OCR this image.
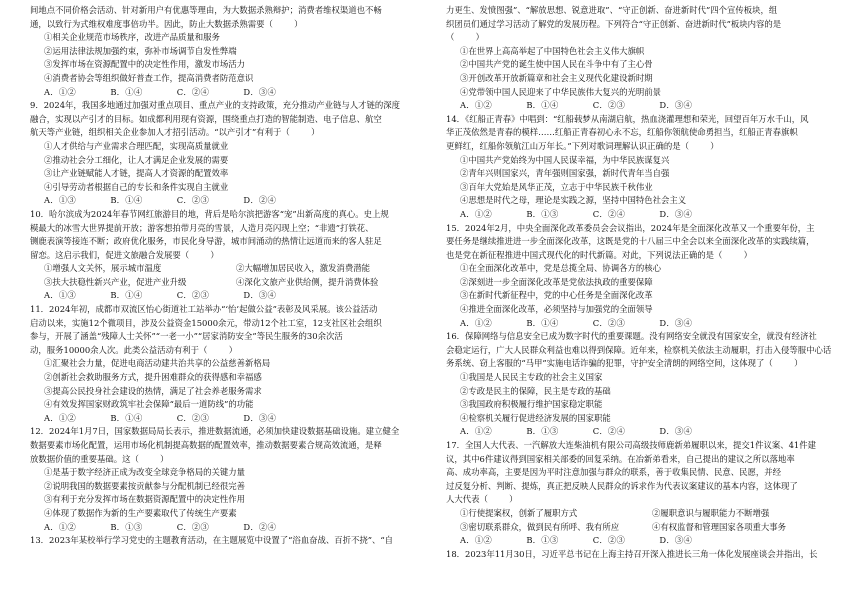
间地点不同价格会活动、针对新用户有优惠等理由，为大数据杀熟辩护；消费者维权渠道也不畅

通，以致行为式维权难度事倍功半。因此，防止大数据杀熟需要（        ）

①相关企业规范市场秩序，改进产品质量和服务

②运用法律法规加强约束，弥补市场调节自发性弊端

③发挥市场在资源配置中的决定性作用，激发市场活力

④消费者协会等组织做好普查工作，提高消费者防范意识

A．①②            B．①④            C．②④            D．③④

9．2024年，我国多地通过加强对重点项目、重点产业的支持政策，充分推动产业链与人才链的深度

融合，实现以产引才的目标。如成都利用现有资源，围绕重点打造的智能制造、电子信息、航空

航天等产业链，组织相关企业参加人才招引活动。“以产引才”有利于（        ）

①人才供给与产业需求合理匹配，实现高质量就业

②推动社会分工细化，让人才满足企业发展的需要

③让产业链赋能人才链，提高人才资源的配置效率

④引导劳动者根据自己的专长和条件实现自主就业

A．①③            B．①④            C．②③            D．②④

10．哈尔滨成为2024年春节网红旅游目的地，背后是哈尔滨把游客“宠”出新高度的真心。史上规

模最大的冰雪大世界提前开放；游客想拍带月亮的雪景，人造月亮闪现上空；“非遗”打铁花、

铡鹿表演等接连不断；政府优化服务，市民化身导游，城市间涌动的热情让远道而来的客人驻足

留恋。这启示我们，促进文旅融合发展要（        ）

①增强人文关怀，展示城市温度	②大幅增加居民收入，激发消费潜能

③扶大扶稳性新兴产业，促进产业升级	④深化文旅产业供给侧，提升消费体验

A．①③            B．①④            C．②③            D．③④

11．2024年初，成都市双流区怡心街道社工站举办“‘怡’起做公益”表彰及风采展。该公益活动

启动以来，实施12个微项目，涉及公益资金15000余元，带动12个社工室，12支社区社会组织

参与，开展了涵盖“残障人士关怀”“一老一小”“居家消防安全”等民生服务的30余次活

动，服务10000余人次。此类公益活动有利于（        ）

①汇聚社会力量，促进电商活动建共治共享的公益慈善新格局

②创新社会救助服务方式，提升困难群众的获得感和幸福感

③提高公民投身社会建设的热情，满足了社会养老服务需求

④有效发挥国家财政筑牢社会保障“最后一道防线”的功能

A．①②            B．①④            C．②③            D．③④

12．2024年1月7日，国家数据局局长表示，推进数据流通，必须加快建设数据基础设施。建立健全

数据要素市场化配置，运用市场化机制提高数据的配置效率，推动数据要素合规高效流通，是释

放数据价值的重要基础。这（        ）

①是基于数字经济正成为改变全球竞争格局的关键力量

②说明我国的数据要素按贡献参与分配机制已经很完善

③有利于充分发挥市场在数据资源配置中的决定性作用

④体现了数据作为新的生产要素取代了传统生产要素

A．①②            B．①③            C．②③            D．②④

13．2023年某校举行学习党史的主题教育活动，在主题展览中设置了“浴血奋战、百折不挠”、“自

力更生、发愤图强”、“解放思想、锐意进取”、“守正创新、奋进新时代”四个宣传板块，组

织团员们通过学习活动了解党的发展历程。下列符合“守正创新、奋进新时代”板块内容的是

（        ）

①在世界上高高举起了中国特色社会主义伟大旗帜

②中国共产党的诞生使中国人民在斗争中有了主心骨

③开创改革开放新篇章和社会主义现代化建设新时期

④党带领中国人民迎来了中华民族伟大复兴的光明前景

A．①②            B．①④            C．②③            D．③④

14．《红船正青春》中唱到：“红船载梦从南湖启航，热血浇灌理想和荣光，回望百年万水千山，风

华正茂依然是青春的模样……红船正青春初心永不忘，红船你领航使命勇担当，红船正青春旗帜

更鲜红，红船你领航江山万年长。”下列对歌词理解认识正确的是（        ）

①中国共产党始终为中国人民谋幸福，为中华民族谋复兴

②青年兴则国家兴，青年强则国家强，新时代青年当自强

③百年大党始是风华正茂，立志于中华民族千秋伟业

④思想是时代之母，理论是实践之源，坚持中国特色社会主义

A．①②            B．①③            C．②④            D．③④

15．2024年2月，中央全面深化改革委员会会议指出，2024年是全面深化改革又一个重要年份，主

要任务是继续推进进一步全面深化改革，这既是党的十八届三中全会以来全面深化改革的实践续篇，

也是党在新征程推进中国式现代化的时代新篇。对此，下列说法正确的是（        ）

①在全面深化改革中，党是总揽全局、协调各方的核心

②深刻进一步全面深化改革是党依法执政的重要保障

③在新时代新征程中，党的中心任务是全面深化改革

④推进全面深化改革，必须坚持与加强党的全面领导

A．①②            B．①④            C．②③            D．③④

16．保障网络与信息安全已成为数字时代的重要课题。没有网络安全就没有国家安全，就没有经济社

会稳定运行，广大人民群众利益也难以得到保障。近年来，检察机关依法主动履职，打击入侵等服中心话

务系统、窃上客服的“马甲”实施电话诈骗的犯罪，守护安全清朗的网络空间，这体现了（        ）

①我国是人民民主专政的社会主义国家

②专政是民主的保障，民主是专政的基础

③我国政府积极履行维护国家稳定职能

④检察机关履行促进经济发展的国家职能

A．①②            B．①③            C．②④            D．③④

17．全国人大代表、一汽解放大连柴油机有限公司高级技师鹿新弟履职以来，提交1件议案、41件建

议，其中6件建议得到国家相关部委的回复采纳。在冶新弟看来，自己提出的建议之所以落地率

高、成功率高，主要是因为平时注意加强与群众的联系，善于收集民情、民意、民愿，并经

过反复分析、判断、提炼，真正把反映人民群众的诉求作为代表议案建议的基本内容，这体现了

人大代表（        ）

①行使提案权，创新了履职方式	②履职意识与履职能力不断增强

③密切联系群众，做到民有所呼、我有所应	④有权监督和管理国家各项重大事务

A．①②            B．①③            C．②③            D．③④

18．2023年11月30日，习近平总书记在上海主持召开深入推进长三角一体化发展座谈会并指出，长
